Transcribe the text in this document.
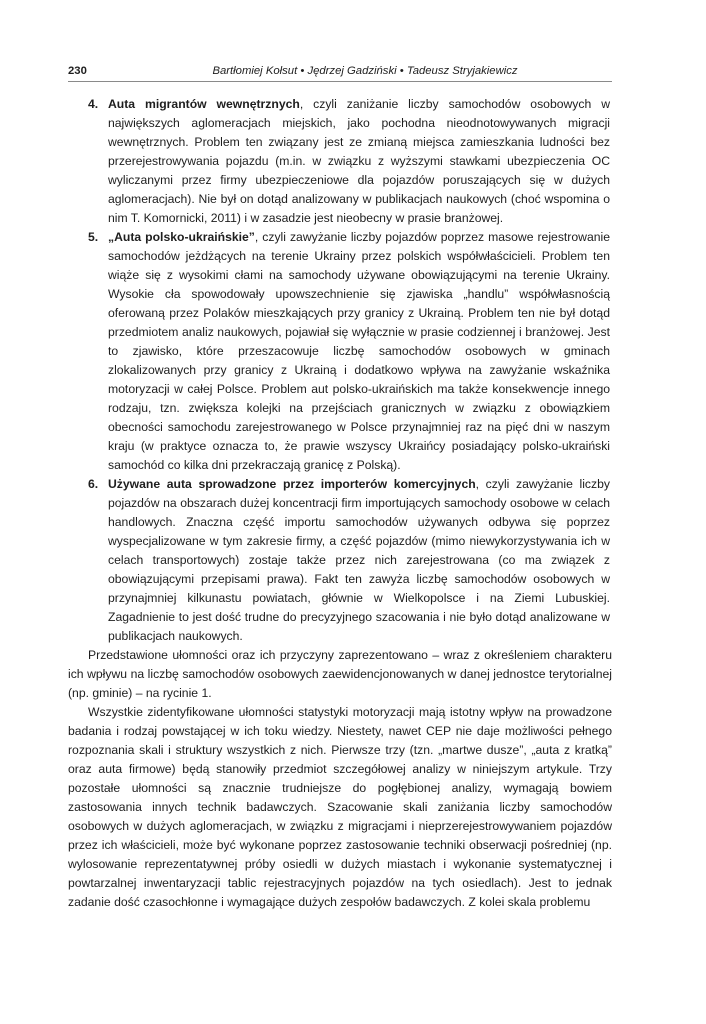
230	Bartłomiej Kołsut • Jędrzej Gadziński • Tadeusz Stryjakiewicz
4. Auta migrantów wewnętrznych, czyli zaniżanie liczby samochodów osobowych w największych aglomeracjach miejskich, jako pochodna nieodnotowywanych migracji wewnętrznych. Problem ten związany jest ze zmianą miejsca zamieszkania ludności bez przerejestrowywania pojazdu (m.in. w związku z wyższymi stawkami ubezpieczenia OC wyliczanymi przez firmy ubezpieczeniowe dla pojazdów poruszających się w dużych aglomeracjach). Nie był on dotąd analizowany w publikacjach naukowych (choć wspomina o nim T. Komornicki, 2011) i w zasadzie jest nieobecny w prasie branżowej.
5. „Auta polsko-ukraińskie”, czyli zawyżanie liczby pojazdów poprzez masowe rejestrowanie samochodów jeżdżących na terenie Ukrainy przez polskich współwłaścicieli. Problem ten wiąże się z wysokimi cłami na samochody używane obowiązującymi na terenie Ukrainy. Wysokie cła spowodowały upowszechnienie się zjawiska „handlu” współwłasnością oferowaną przez Polaków mieszkających przy granicy z Ukrainą. Problem ten nie był dotąd przedmiotem analiz naukowych, pojawiał się wyłącznie w prasie codziennej i branżowej. Jest to zjawisko, które przeszacowuje liczbę samochodów osobowych w gminach zlokalizowanych przy granicy z Ukrainą i dodatkowo wpływa na zawyżanie wskaźnika motoryzacji w całej Polsce. Problem aut polsko-ukraińskich ma także konsekwencje innego rodzaju, tzn. zwiększa kolejki na przejściach granicznych w związku z obowiązkiem obecności samochodu zarejestrowanego w Polsce przynajmniej raz na pięć dni w naszym kraju (w praktyce oznacza to, że prawie wszyscy Ukraińcy posiadający polsko-ukraiński samochód co kilka dni przekraczają granicę z Polską).
6. Używane auta sprowadzone przez importerów komercyjnych, czyli zawyżanie liczby pojazdów na obszarach dużej koncentracji firm importujących samochody osobowe w celach handlowych. Znaczna część importu samochodów używanych odbywa się poprzez wyspecjalizowane w tym zakresie firmy, a część pojazdów (mimo niewykorzystywania ich w celach transportowych) zostaje także przez nich zarejestrowana (co ma związek z obowiązującymi przepisami prawa). Fakt ten zawyża liczbę samochodów osobowych w przynajmniej kilkunastu powiatach, głównie w Wielkopolsce i na Ziemi Lubuskiej. Zagadnienie to jest dość trudne do precyzyjnego szacowania i nie było dotąd analizowane w publikacjach naukowych.

Przedstawione ułomności oraz ich przyczyny zaprezentowano – wraz z określeniem charakteru ich wpływu na liczbę samochodów osobowych zaewidencjonowanych w danej jednostce terytorialnej (np. gminie) – na rycinie 1.

Wszystkie zidentyfikowane ułomności statystyki motoryzacji mają istotny wpływ na prowadzone badania i rodzaj powstającej w ich toku wiedzy. Niestety, nawet CEP nie daje możliwości pełnego rozpoznania skali i struktury wszystkich z nich. Pierwsze trzy (tzn. „martwe dusze”, „auta z kratką” oraz auta firmowe) będą stanowiły przedmiot szczegółowej analizy w niniejszym artykule. Trzy pozostałe ułomności są znacznie trudniejsze do pogłębionej analizy, wymagają bowiem zastosowania innych technik badawczych. Szacowanie skali zaniżania liczby samochodów osobowych w dużych aglomeracjach, w związku z migracjami i nieprzerejestrowywaniem pojazdów przez ich właścicieli, może być wykonane poprzez zastosowanie techniki obserwacji pośredniej (np. wylosowanie reprezentatywnej próby osiedli w dużych miastach i wykonanie systematycznej i powtarzalnej inwentaryzacji tablic rejestracyjnych pojazdów na tych osiedlach). Jest to jednak zadanie dość czasochłonne i wymagające dużych zespołów badawczych. Z kolei skala problemu
